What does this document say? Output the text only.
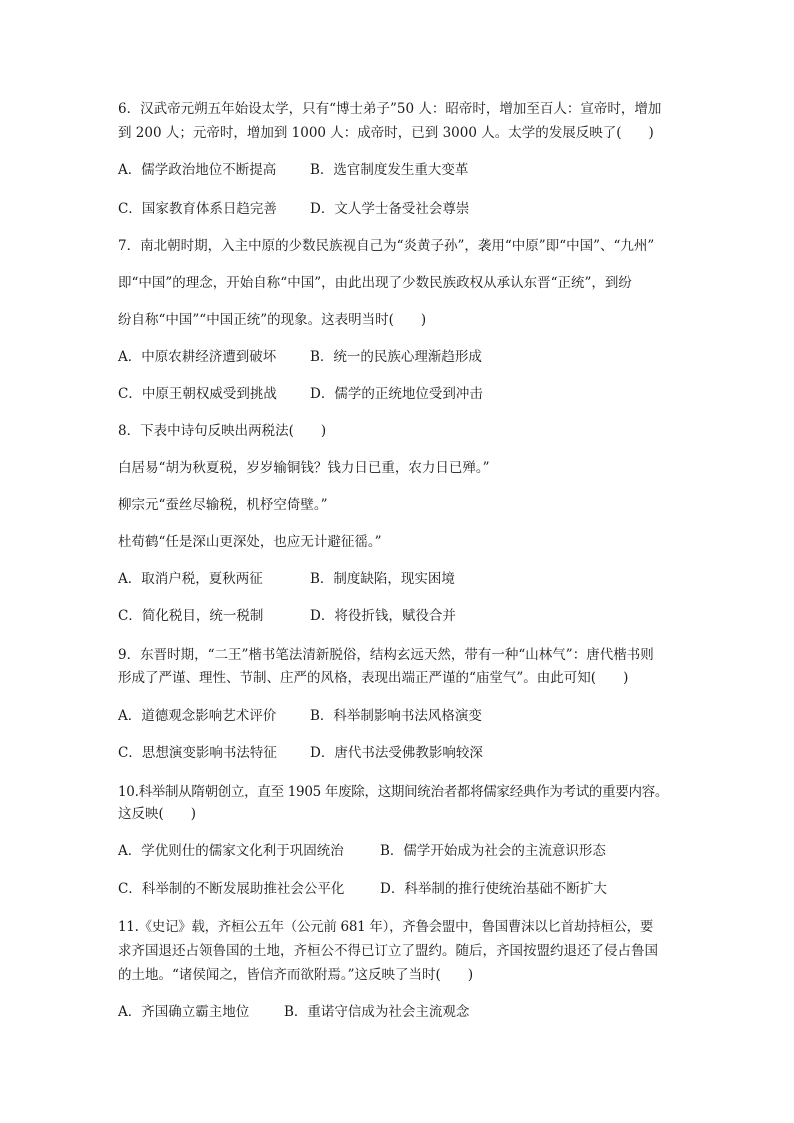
6．汉武帝元朔五年始设太学，只有“博士弟子”50 人：昭帝时，增加至百人：宣帝时，增加
到 200 人；元帝时，增加到 1000 人：成帝时，已到 3000 人。太学的发展反映了(　　)
A．儒学政治地位不断提高	B．选官制度发生重大变革
C．国家教育体系日趋完善 D．文人学士备受社会尊崇
7．南北朝时期，入主中原的少数民族视自己为“炎黄子孙”，袭用“中原”即“中国”、“九州”
即“中国”的理念，开始自称“中国”，由此出现了少数民族政权从承认东晋“正统”，到纷
纷自称“中国”“中国正统”的现象。这表明当时(　　)
A．中原农耕经济遭到破坏	B．统一的民族心理渐趋形成
C．中原王朝权威受到挑战 D．儒学的正统地位受到冲击
8．下表中诗句反映出两税法(　　)
白居易“胡为秋夏税，岁岁输铜钱？钱力日已重，农力日已殚。”
柳宗元“蚕丝尽输税，机杼空倚壁。”
杜荀鹤“任是深山更深处，也应无计避征徭。”
A．取消户税，夏秋两征	B．制度缺陷，现实困境
C．简化税目，统一税制	D．将役折钱，赋役合并
9．东晋时期，“二王”楷书笔法清新脱俗，结构玄远天然，带有一种“山林气”：唐代楷书则
形成了严谨、理性、节制、庄严的风格，表现出端正严谨的“庙堂气”。由此可知(　　)
A．道德观念影响艺术评价	B．科举制影响书法风格演变
C．思想演变影响书法特征 D．唐代书法受佛教影响较深
10.科举制从隋朝创立，直至 1905 年废除，这期间统治者都将儒家经典作为考试的重要内容。
这反映(　　)
A．学优则仕的儒家文化利于巩固统治	B．儒学开始成为社会的主流意识形态
C．科举制的不断发展助推社会公平化	D．科举制的推行使统治基础不断扩大
11.《史记》载，齐桓公五年（公元前 681 年），齐鲁会盟中，鲁国曹沫以匕首劫持桓公，要
求齐国退还占领鲁国的土地，齐桓公不得已订立了盟约。随后，齐国按盟约退还了侵占鲁国
的土地。“诸侯闻之，皆信齐而欲附焉。”这反映了当时(　　)
A．齐国确立霸主地位	B．重诺守信成为社会主流观念
